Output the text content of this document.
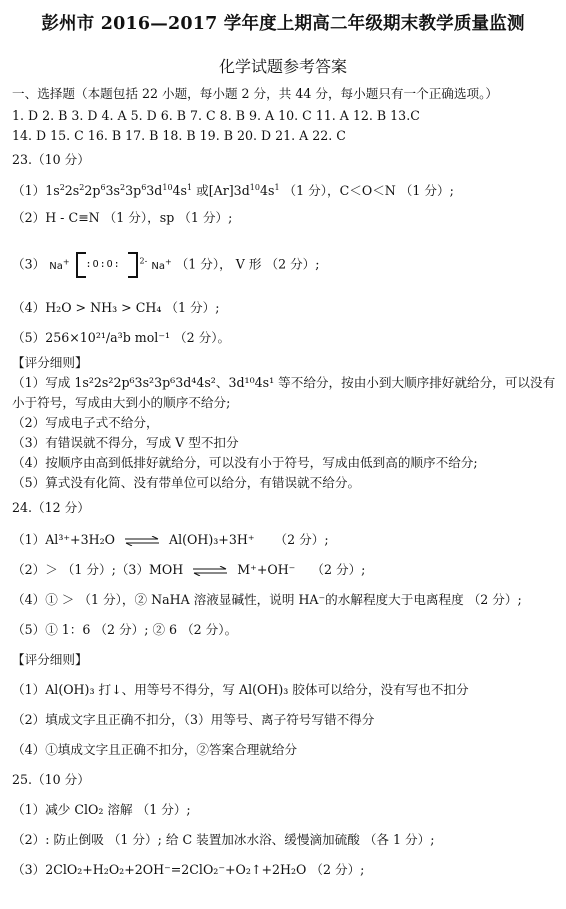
彭州市 2016—2017 学年度上期高二年级期末教学质量监测
化学试题参考答案
一、选择题（本题包括 22 小题，每小题 2 分，共 44 分，每小题只有一个正确选项。）
1. D 2. B 3. D 4. A 5. D 6. B 7. C 8. B 9. A 10. C 11. A 12. B 13.C
14. D 15. C 16. B 17. B 18. B 19. B 20. D 21. A 22. C
23.（10 分）
$(1)1s^22s^22p^63s^23p^63d^{10}4s^1$ 或$[Ar]3d^{10}4s^1$ （1 分），C＜O＜N （1 分）;
（2）H - C≡N （1 分），sp （1 分）;
（3） Na+ :O:O: $^{2-}$ Na+ （1 分）， V 形 （2 分）;
（4）H₂O > NH₃ > CH₄ （1 分）;
（5）256×10²¹/a³b mol⁻¹ （2 分）。
【评分细则】
（1）写成 1s²2s²2p⁶3s²3p⁶3d⁴4s²、3d¹⁰4s¹ 等不给分，按由小到大顺序排好就给分，可以没有
小于符号，写成由大到小的顺序不给分;
（2）写成电子式不给分，
（3）有错误就不得分，写成 V 型不扣分
（4）按顺序由高到低排好就给分，可以没有小于符号，写成由低到高的顺序不给分;
（5）算式没有化简、没有带单位可以给分，有错误就不给分。
24.（12 分）
（1）Al³⁺+3H₂O ⇌ Al(OH)₃+3H⁺ （2 分）;
（2）＞ （1 分）;（3）MOH ⇌ M⁺+OH⁻ （2 分）;
（4）① ＞ （1 分），② NaHA 溶液显碱性，说明 HA⁻的水解程度大于电离程度 （2 分）;
（5）① 1：6 （2 分）; ② 6 （2 分）。
【评分细则】
（1）Al(OH)₃ 打↓、用等号不得分，写 Al(OH)₃ 胶体可以给分，没有写也不扣分
（2）填成文字且正确不扣分，（3）用等号、离子符号写错不得分
（4）①填成文字且正确不扣分，②答案合理就给分
25.（10 分）
（1）减少 ClO₂ 溶解 （1 分）;
（2）: 防止倒吸 （1 分）; 给 C 装置加冰水浴、缓慢滴加硫酸 （各 1 分）;
（3）2ClO₂+H₂O₂+2OH⁻=2ClO₂⁻+O₂↑+2H₂O （2 分）;
